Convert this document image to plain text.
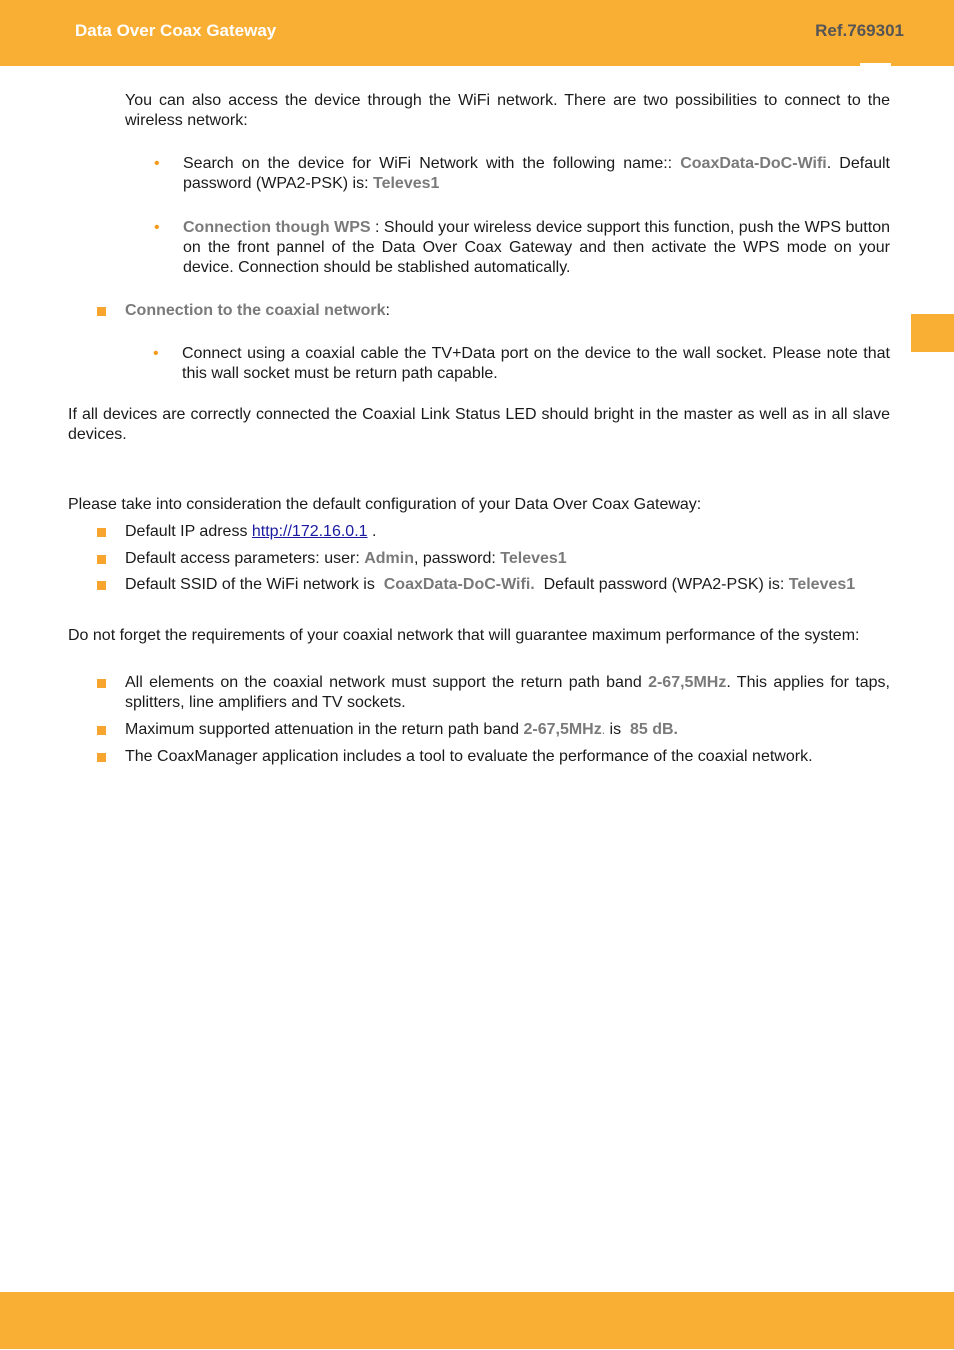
Data Over Coax Gateway	Ref.769301
You can also access the device through the WiFi network. There are two possibilities to connect to the wireless network:
• Search on the device for WiFi Network with the following name:: CoaxData-DoC-Wifi. Default password (WPA2-PSK) is: Televes1
• Connection though WPS : Should your wireless device support this function, push the WPS button on the front pannel of the Data Over Coax Gateway and then activate the WPS mode on your device. Connection should be stablished automatically.
Connection to the coaxial network:
• Connect using a coaxial cable the TV+Data port on the device to the wall socket. Please note that this wall socket must be return path capable.
If all devices are correctly connected the Coaxial Link Status LED should bright in the master as well as in all slave devices.
Please take into consideration the default configuration of your Data Over Coax Gateway:
Default IP adress http://172.16.0.1 .
Default access parameters: user: Admin, password: Televes1
Default SSID of the WiFi network is CoaxData-DoC-Wifi. Default password (WPA2-PSK) is: Televes1
Do not forget the requirements of your coaxial network that will guarantee maximum performance of the system:
All elements on the coaxial network must support the return path band 2-67,5MHz. This applies for taps, splitters, line amplifiers and TV sockets.
Maximum supported attenuation in the return path band 2-67,5MHz. is 85 dB.
The CoaxManager application includes a tool to evaluate the performance of the coaxial network.
